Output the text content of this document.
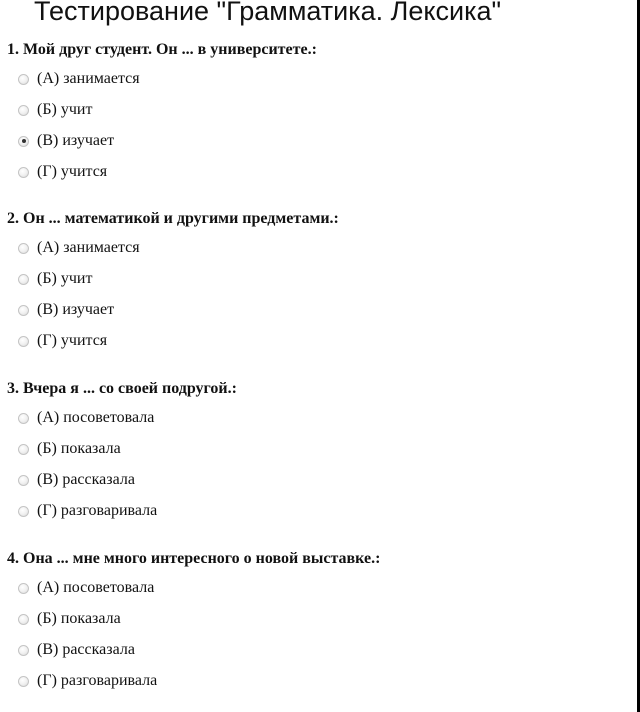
Тестирование "Грамматика. Лексика"

1. Мой друг студент. Он ... в университете.:

(А) занимается
(Б) учит
(В) изучает
(Г) учится

2. Он ... математикой и другими предметами.:

(А) занимается
(Б) учит
(В) изучает
(Г) учится

3. Вчера я ... со своей подругой.:

(А) посоветовала
(Б) показала
(В) рассказала
(Г) разговаривала

4. Она ... мне много интересного о новой выставке.:

(А) посоветовала
(Б) показала
(В) рассказала
(Г) разговаривала
